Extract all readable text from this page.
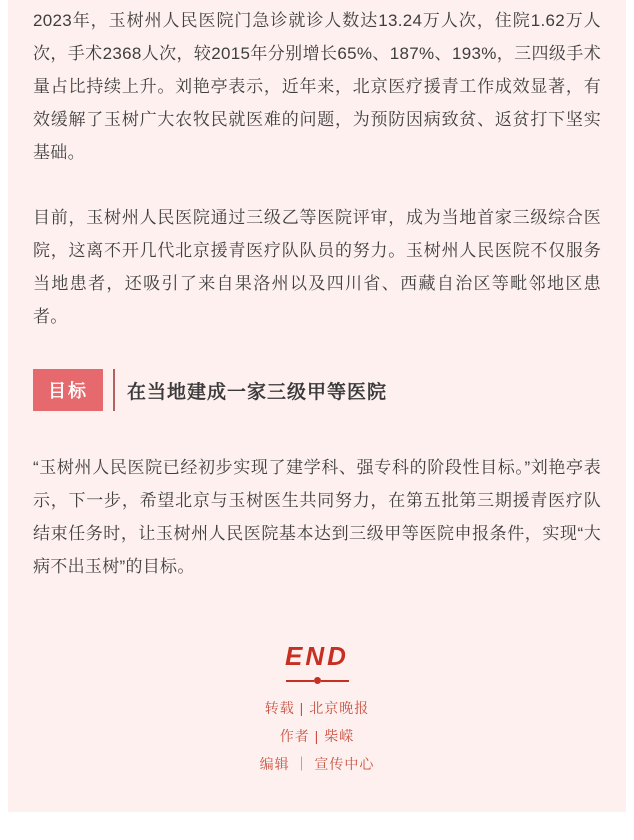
2023年，玉树州人民医院门急诊就诊人数达13.24万人次，住院1.62万人次，手术2368人次，较2015年分别增长65%、187%、193%，三四级手术量占比持续上升。刘艳亭表示，近年来，北京医疗援青工作成效显著，有效缓解了玉树广大农牧民就医难的问题，为预防因病致贫、返贫打下坚实基础。

目前，玉树州人民医院通过三级乙等医院评审，成为当地首家三级综合医院，这离不开几代北京援青医疗队队员的努力。玉树州人民医院不仅服务当地患者，还吸引了来自果洛州以及四川省、西藏自治区等毗邻地区患者。

目标	在当地建成一家三级甲等医院

“玉树州人民医院已经初步实现了建学科、强专科的阶段性目标。”刘艳亭表示，下一步，希望北京与玉树医生共同努力，在第五批第三期援青医疗队结束任务时，让玉树州人民医院基本达到三级甲等医院申报条件，实现“大病不出玉树”的目标。

END

转载 | 北京晚报

作者 | 柴嵘

编辑 ｜ 宣传中心
